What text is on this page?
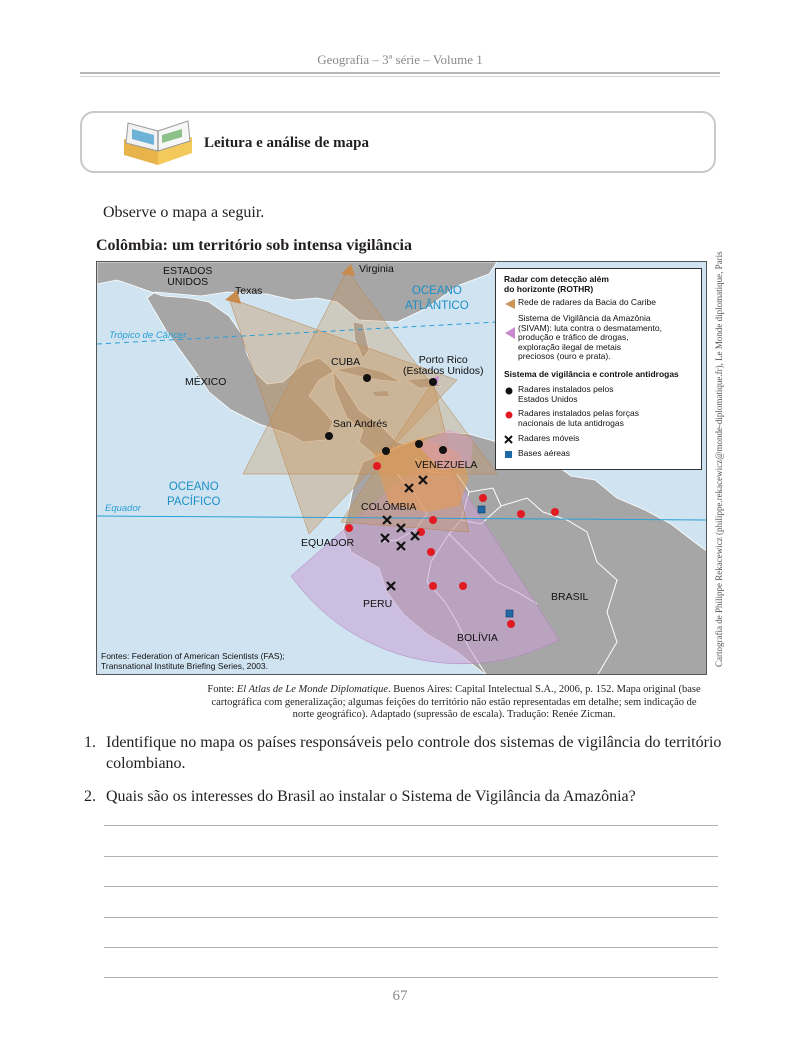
Geografia – 3ª série – Volume 1
Leitura e análise de mapa
Observe o mapa a seguir.
Colômbia: um território sob intensa vigilância
ESTADOS
UNIDOS
Texas
Virginia
OCEANO
ATLÂNTICO
Trópico de Câncer
CUBA	Porto Rico
(Estados Unidos)
MÉXICO
San Andrés
VENEZUELA
OCEANO
PACÍFICO
Equador	COLÔMBIA
EQUADOR
PERU
BRASIL
BOLÍVIA
Fontes: Federation of American Scientists (FAS);
Transnational Institute Briefing Series, 2003.
Radar com detecção além
do horizonte (ROTHR)
Rede de radares da Bacia do Caribe
Sistema de Vigilância da Amazônia
(SIVAM): luta contra o desmatamento,
produção e tráfico de drogas,
exploração ilegal de metais
preciosos (ouro e prata).
Sistema de vigilância e controle antidrogas
Radares instalados pelos
Estados Unidos
Radares instalados pelas forças
nacionais de luta antidrogas
Radares móveis
Bases aéreas	Cartografia de Philippe Rekacewicz (philippe.rekacewicz@monde-diplomatique.fr), Le Monde diplomatique, Paris
Fonte: El Atlas de Le Monde Diplomatique. Buenos Aires: Capital Intelectual S.A., 2006, p. 152. Mapa original (base cartográfica com generalização; algumas feições do território não estão representadas em detalhe; sem indicação de norte geográfico). Adaptado (supressão de escala). Tradução: Renée Zicman.
1. Identifique no mapa os países responsáveis pelo controle dos sistemas de vigilância do território colombiano.
2. Quais são os interesses do Brasil ao instalar o Sistema de Vigilância da Amazônia?
67
